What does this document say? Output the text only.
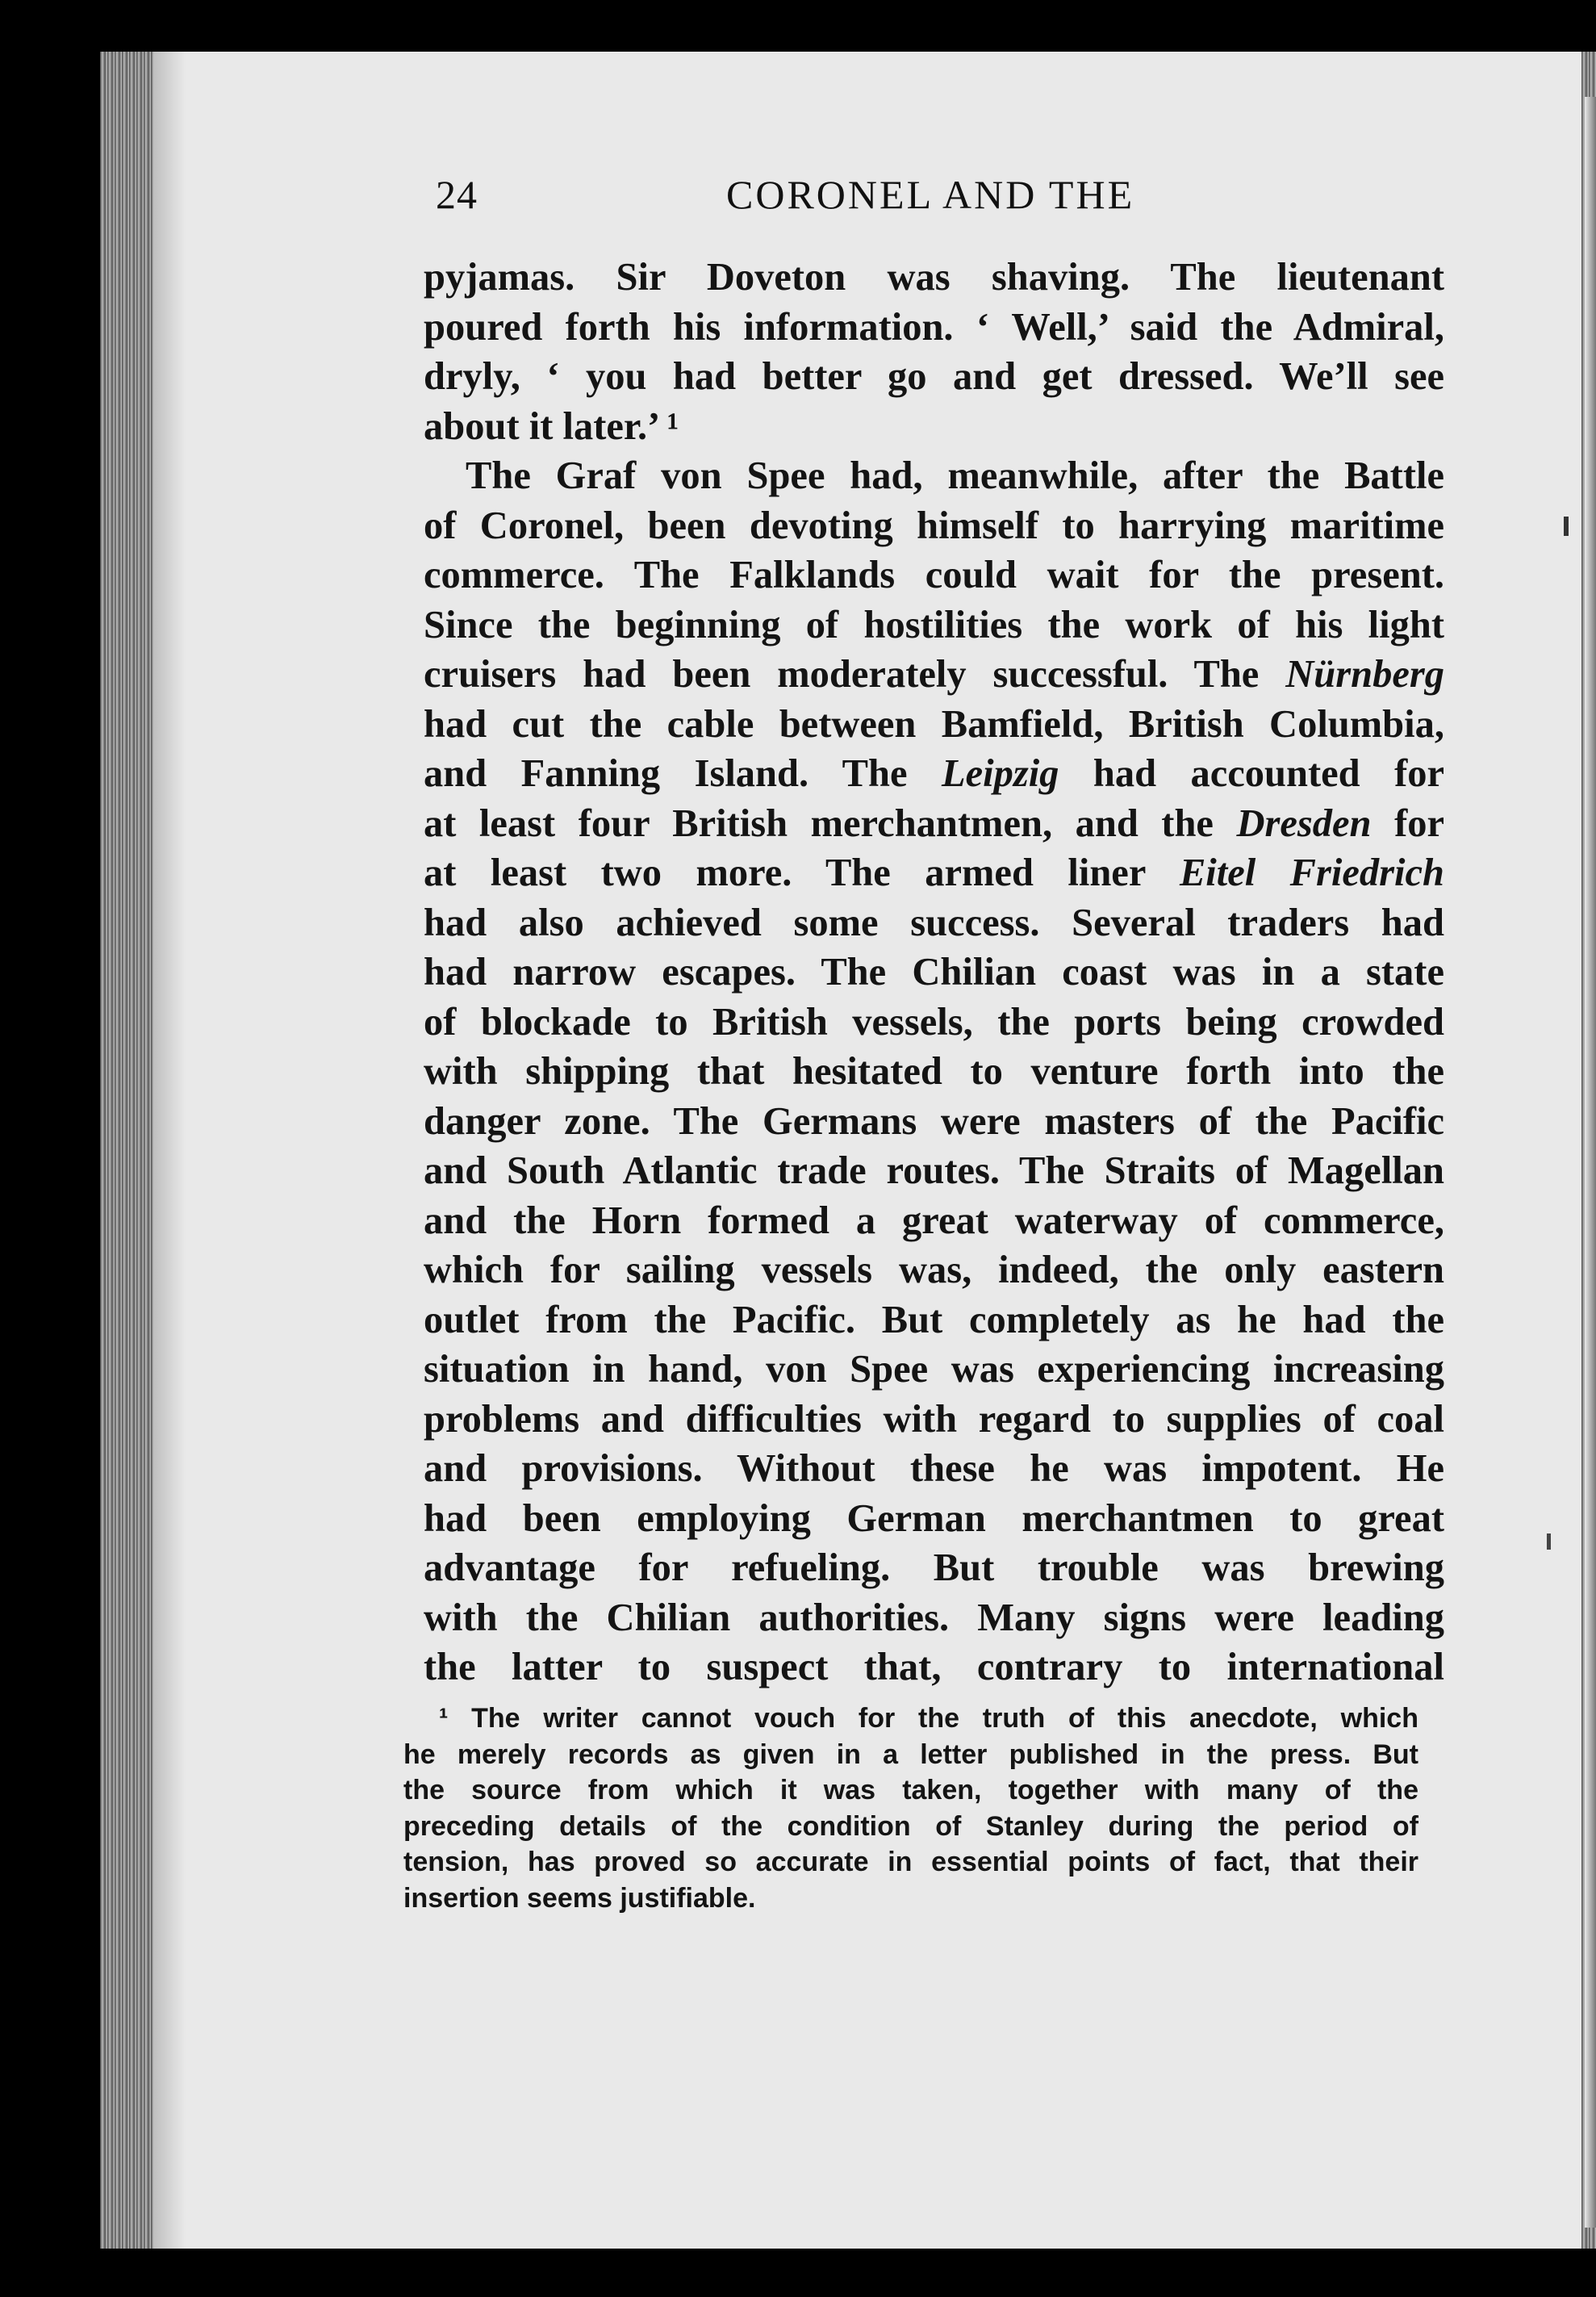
24	CORONEL AND THE
pyjamas. Sir Doveton was shaving. The lieutenant
poured forth his information. ‘ Well,’ said the Admiral,
dryly, ‘ you had better go and get dressed. We’ll see
about it later.’ ¹
The Graf von Spee had, meanwhile, after the Battle
of Coronel, been devoting himself to harrying maritime
commerce. The Falklands could wait for the present.
Since the beginning of hostilities the work of his light
cruisers had been moderately successful. The Nürnberg
had cut the cable between Bamfield, British Columbia,
and Fanning Island. The Leipzig had accounted for
at least four British merchantmen, and the Dresden for
at least two more. The armed liner Eitel Friedrich
had also achieved some success. Several traders had
had narrow escapes. The Chilian coast was in a state
of blockade to British vessels, the ports being crowded
with shipping that hesitated to venture forth into the
danger zone. The Germans were masters of the Pacific
and South Atlantic trade routes. The Straits of Magellan
and the Horn formed a great waterway of commerce,
which for sailing vessels was, indeed, the only eastern
outlet from the Pacific. But completely as he had the
situation in hand, von Spee was experiencing increasing
problems and difficulties with regard to supplies of coal
and provisions. Without these he was impotent. He
had been employing German merchantmen to great
advantage for refueling. But trouble was brewing
with the Chilian authorities. Many signs were leading
the latter to suspect that, contrary to international
¹ The writer cannot vouch for the truth of this anecdote, which
he merely records as given in a letter published in the press. But
the source from which it was taken, together with many of the
preceding details of the condition of Stanley during the period of
tension, has proved so accurate in essential points of fact, that their
insertion seems justifiable.
